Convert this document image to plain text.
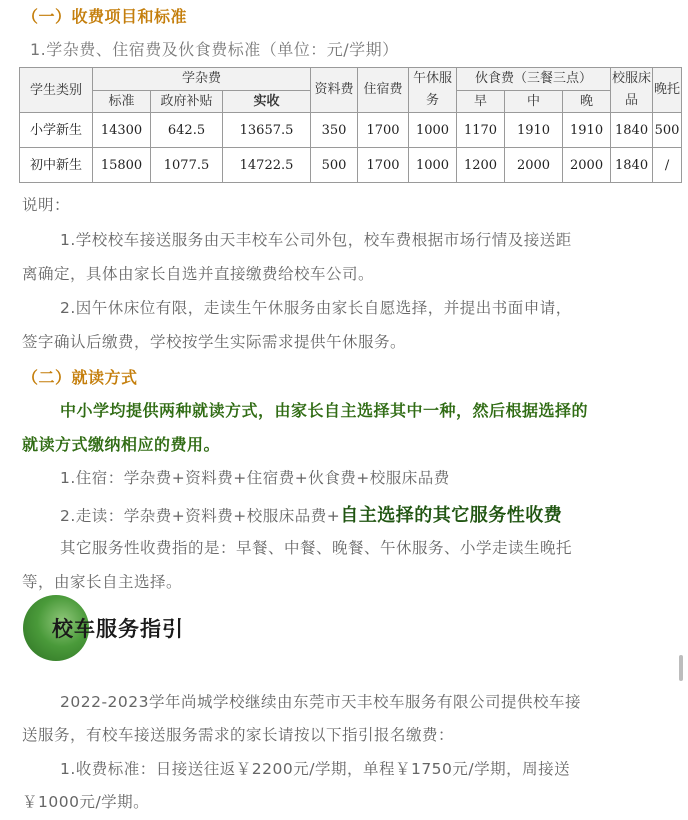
（一）收费项目和标准
1.学杂费、住宿费及伙食费标准（单位：元/学期）
学生类别	学杂费			资料费	住宿费	午休服务	伙食费（三餐三点）			校服床品	晚托
	标准	政府补贴	实收				早	中	晚		
小学新生	14300	642.5	13657.5	350	1700	1000	1170	1910	1910	1840	500
初中新生	15800	1077.5	14722.5	500	1700	1000	1200	2000	2000	1840	/
说明：
1.学校校车接送服务由天丰校车公司外包，校车费根据市场行情及接送距
离确定，具体由家长自选并直接缴费给校车公司。
2.因午休床位有限，走读生午休服务由家长自愿选择，并提出书面申请，
签字确认后缴费，学校按学生实际需求提供午休服务。
（二）就读方式
中小学均提供两种就读方式，由家长自主选择其中一种，然后根据选择的
就读方式缴纳相应的费用。
1.住宿：学杂费+资料费+住宿费+伙食费+校服床品费
2.走读：学杂费+资料费+校服床品费+自主选择的其它服务性收费
其它服务性收费指的是：早餐、中餐、晚餐、午休服务、小学走读生晚托
等，由家长自主选择。
校车服务指引
2022-2023学年尚城学校继续由东莞市天丰校车服务有限公司提供校车接
送服务，有校车接送服务需求的家长请按以下指引报名缴费：
1.收费标准：日接送往返￥2200元/学期，单程￥1750元/学期，周接送
￥1000元/学期。
